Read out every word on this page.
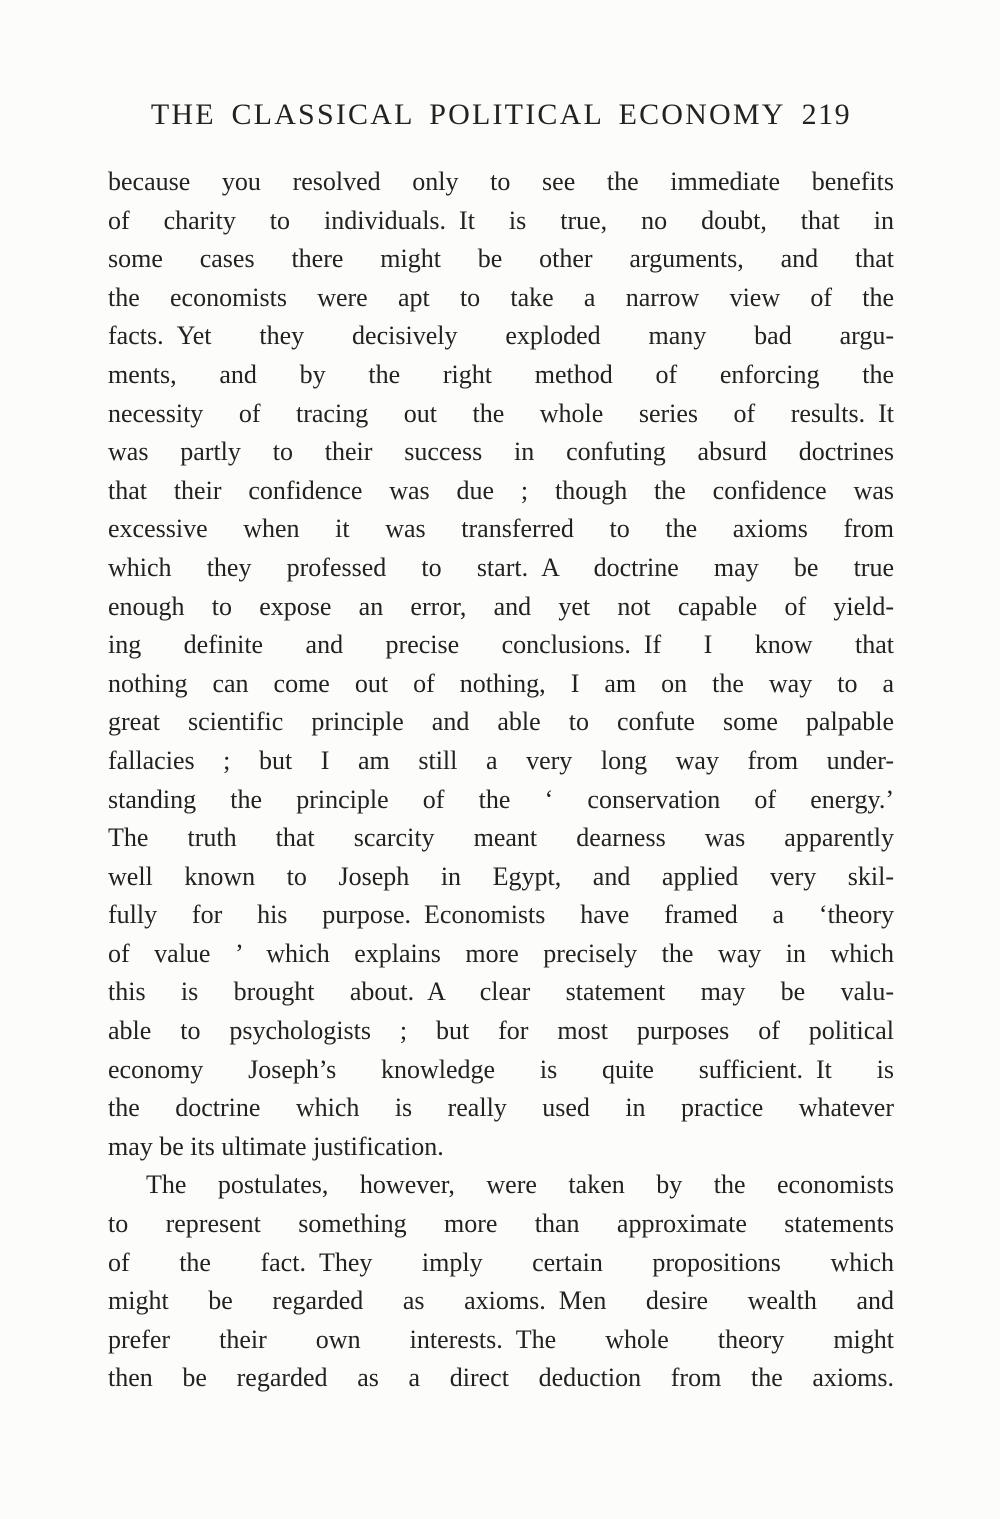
THE CLASSICAL POLITICAL ECONOMY 219
because you resolved only to see the immediate benefits
of charity to individuals. It is true, no doubt, that in
some cases there might be other arguments, and that
the economists were apt to take a narrow view of the
facts. Yet they decisively exploded many bad argu-
ments, and by the right method of enforcing the
necessity of tracing out the whole series of results. It
was partly to their success in confuting absurd doctrines
that their confidence was due ; though the confidence was
excessive when it was transferred to the axioms from
which they professed to start. A doctrine may be true
enough to expose an error, and yet not capable of yield-
ing definite and precise conclusions. If I know that
nothing can come out of nothing, I am on the way to a
great scientific principle and able to confute some palpable
fallacies ; but I am still a very long way from under-
standing the principle of the ‘ conservation of energy.’
The truth that scarcity meant dearness was apparently
well known to Joseph in Egypt, and applied very skil-
fully for his purpose. Economists have framed a ‘theory
of value ’ which explains more precisely the way in which
this is brought about. A clear statement may be valu-
able to psychologists ; but for most purposes of political
economy Joseph’s knowledge is quite sufficient. It is
the doctrine which is really used in practice whatever
may be its ultimate justification.
The postulates, however, were taken by the economists
to represent something more than approximate statements
of the fact. They imply certain propositions which
might be regarded as axioms. Men desire wealth and
prefer their own interests. The whole theory might
then be regarded as a direct deduction from the axioms.
